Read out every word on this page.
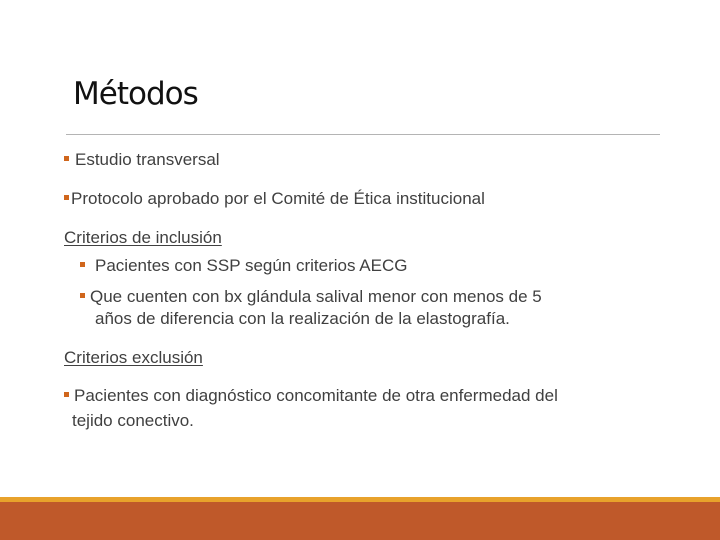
Métodos
Estudio transversal
Protocolo aprobado por el Comité de Ética institucional
Criterios de inclusión
Pacientes con SSP según criterios AECG
Que cuenten con bx glándula salival menor con menos de 5
años de diferencia con la realización de la elastografía.
Criterios exclusión
Pacientes con diagnóstico concomitante de otra enfermedad del
tejido conectivo.
